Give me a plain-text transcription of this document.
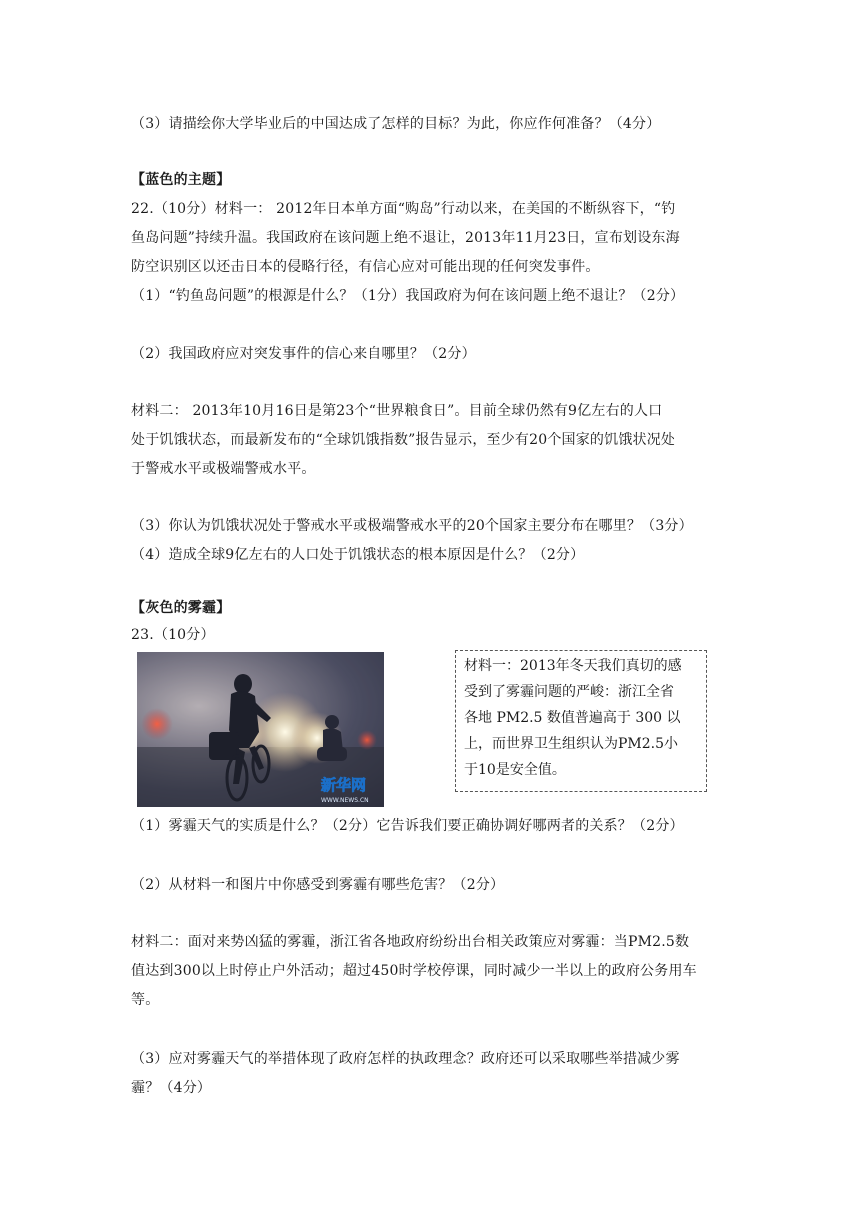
（3）请描绘你大学毕业后的中国达成了怎样的目标？为此，你应作何准备？（4分）
【蓝色的主题】
22.（10分）材料一： 2012年日本单方面“购岛”行动以来，在美国的不断纵容下，“钓
鱼岛问题”持续升温。我国政府在该问题上绝不退让，2013年11月23日，宣布划设东海
防空识别区以还击日本的侵略行径，有信心应对可能出现的任何突发事件。
（1）“钓鱼岛问题”的根源是什么？（1分）我国政府为何在该问题上绝不退让？（2分）
（2）我国政府应对突发事件的信心来自哪里？（2分）
材料二： 2013年10月16日是第23个“世界粮食日”。目前全球仍然有9亿左右的人口
处于饥饿状态，而最新发布的“全球饥饿指数”报告显示，至少有20个国家的饥饿状况处
于警戒水平或极端警戒水平。
（3）你认为饥饿状况处于警戒水平或极端警戒水平的20个国家主要分布在哪里？（3分）
（4）造成全球9亿左右的人口处于饥饿状态的根本原因是什么？（2分）
【灰色的雾霾】
23.（10分）
新华网
WWW.NEWS.CN
材料一：2013年冬天我们真切的感
受到了雾霾问题的严峻：浙江全省
各地 PM2.5 数值普遍高于 300 以
上，而世界卫生组织认为PM2.5小
于10是安全值。
（1）雾霾天气的实质是什么？（2分）它告诉我们要正确协调好哪两者的关系？（2分）
（2）从材料一和图片中你感受到雾霾有哪些危害？（2分）
材料二：面对来势凶猛的雾霾，浙江省各地政府纷纷出台相关政策应对雾霾：当PM2.5数
值达到300以上时停止户外活动；超过450时学校停课，同时减少一半以上的政府公务用车
等。
（3）应对雾霾天气的举措体现了政府怎样的执政理念？政府还可以采取哪些举措减少雾
霾？（4分）
